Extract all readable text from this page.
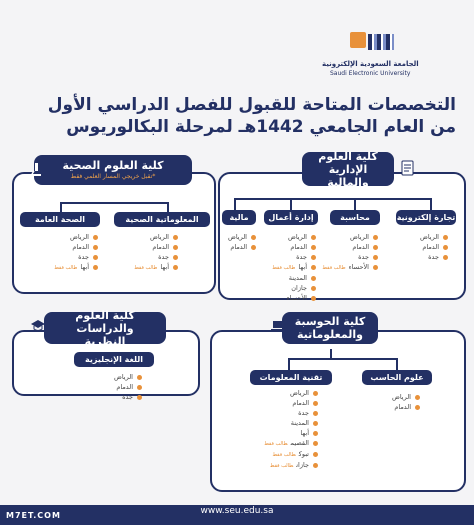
الجامعة السعودية الإلكترونية
Saudi Electronic University
التخصصات المتاحة للقبول للفصل الدراسي الأول
من العام الجامعي 1442هـ لمرحلة البكالوريوس
كلية العلوم الصحية
*تقبل خريجي المسار العلمي فقط
المعلوماتية الصحية
الصحة العامة
الرياض
الدمام
جدة
أبهاطالب فقط
الرياض
الدمام
جدة
أبهاطالب فقط
كلية العلوم الإدارية والمالية
تجارة إلكترونية
محاسبة
إدارة أعمال
مالية
الرياض
الدمام
جدة
الرياض
الدمام
جدة
الأحساءطالب فقط
الرياض
الدمام
جدة
أبهاطالب فقط
المدينة
جازان
الأحساء
الرياض
الدمام
كلية العلوم والدراسات النظرية
اللغة الإنجليزية
الرياض
الدمام
جدة
كلية الحوسبة والمعلوماتية
علوم الحاسب
تقنية المعلومات
الرياض
الدمام
الرياض
الدمام
جدة
المدينة
أبها
القصيمطالب فقط
تبوكطالب فقط
جازانطالب فقط
www.seu.edu.sa
M7ET.COM
